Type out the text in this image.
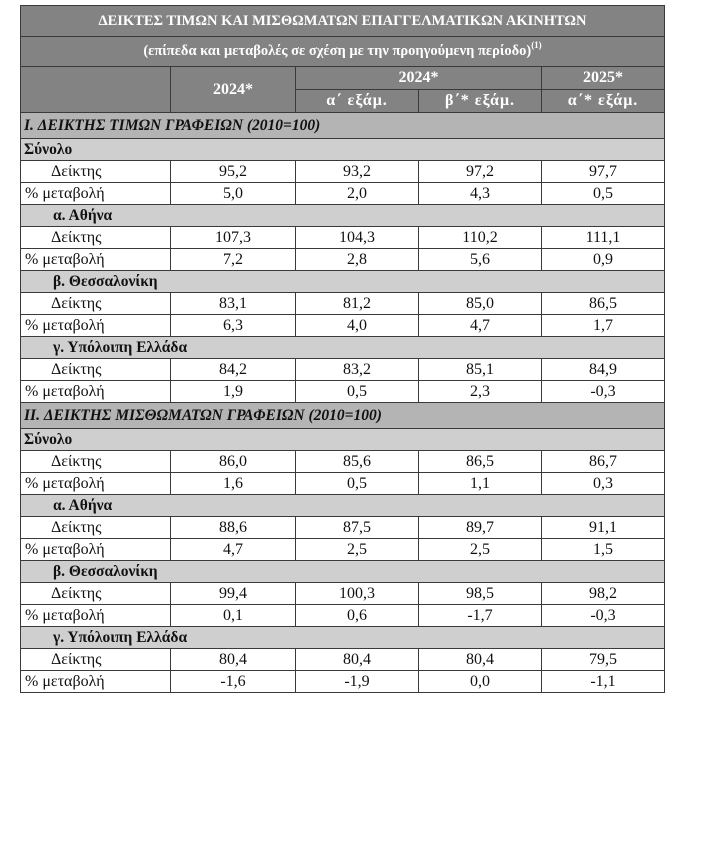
ΔΕΙΚΤΕΣ ΤΙΜΩΝ ΚΑΙ ΜΙΣΘΩΜΑΤΩΝ ΕΠΑΓΓΕΛΜΑΤΙΚΩΝ ΑΚΙΝΗΤΩΝ				
(επίπεδα και μεταβολές σε σχέση με την προηγούμενη περίοδο)$^{(1)}$
	2024*	2024*		2025*
		α΄ εξάμ.	β΄* εξάμ.	α΄* εξάμ.
I. ΔΕΙΚΤΗΣ ΤΙΜΩΝ ΓΡΑΦΕΙΩΝ (2010=100)				
Σύνολο				
Δείκτης	95,2	93,2	97,2	97,7
% μεταβολή	5,0	2,0	4,3	0,5
α. Αθήνα				
Δείκτης	107,3	104,3	110,2	111,1
% μεταβολή	7,2	2,8	5,6	0,9
β. Θεσσαλονίκη				
Δείκτης	83,1	81,2	85,0	86,5
% μεταβολή	6,3	4,0	4,7	1,7
γ. Υπόλοιπη Ελλάδα				
Δείκτης	84,2	83,2	85,1	84,9
% μεταβολή	1,9	0,5	2,3	-0,3
II. ΔΕΙΚΤΗΣ ΜΙΣΘΩΜΑΤΩΝ ΓΡΑΦΕΙΩΝ (2010=100)				
Σύνολο				
Δείκτης	86,0	85,6	86,5	86,7
% μεταβολή	1,6	0,5	1,1	0,3
α. Αθήνα				
Δείκτης	88,6	87,5	89,7	91,1
% μεταβολή	4,7	2,5	2,5	1,5
β. Θεσσαλονίκη				
Δείκτης	99,4	100,3	98,5	98,2
% μεταβολή	0,1	0,6	-1,7	-0,3
γ. Υπόλοιπη Ελλάδα				
Δείκτης	80,4	80,4	80,4	79,5
% μεταβολή	-1,6	-1,9	0,0	-1,1
